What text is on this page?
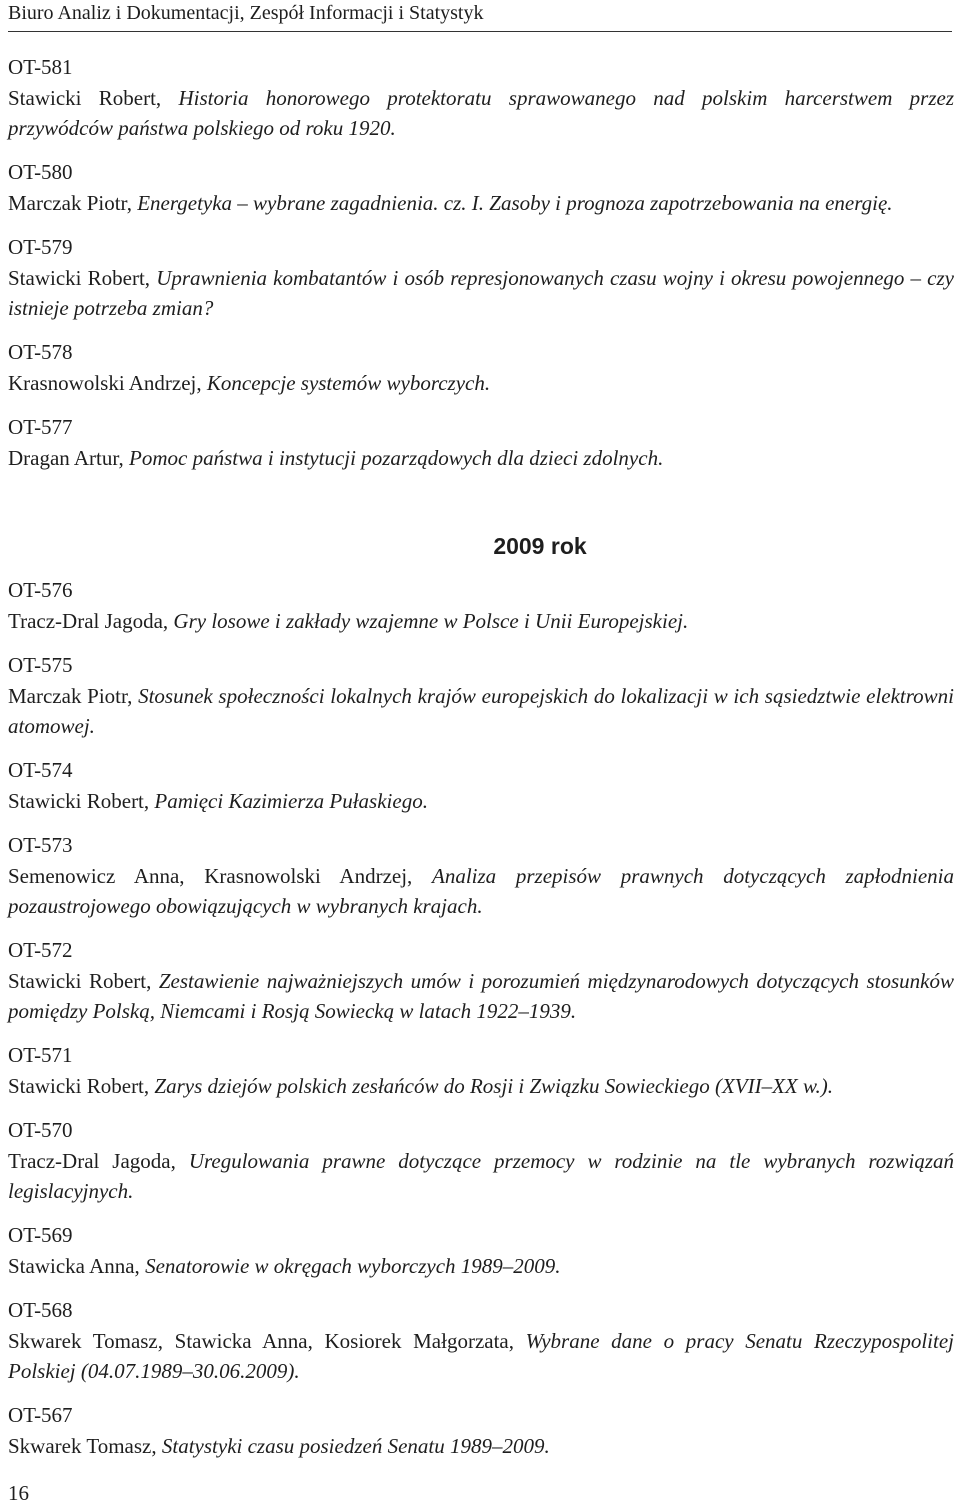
Biuro Analiz i Dokumentacji, Zespół Informacji i Statystyk
OT-581
Stawicki Robert, Historia honorowego protektoratu sprawowanego nad polskim harcerstwem przez przywódców państwa polskiego od roku 1920.
OT-580
Marczak Piotr, Energetyka – wybrane zagadnienia. cz. I. Zasoby i prognoza zapotrzebowania na energię.
OT-579
Stawicki Robert, Uprawnienia kombatantów i osób represjonowanych czasu wojny i okresu powojennego – czy istnieje potrzeba zmian?
OT-578
Krasnowolski Andrzej, Koncepcje systemów wyborczych.
OT-577
Dragan Artur, Pomoc państwa i instytucji pozarządowych dla dzieci zdolnych.
2009 rok
OT-576
Tracz-Dral Jagoda, Gry losowe i zakłady wzajemne w Polsce i Unii Europejskiej.
OT-575
Marczak Piotr, Stosunek społeczności lokalnych krajów europejskich do lokalizacji w ich sąsiedztwie elektrowni atomowej.
OT-574
Stawicki Robert, Pamięci Kazimierza Pułaskiego.
OT-573
Semenowicz Anna, Krasnowolski Andrzej, Analiza przepisów prawnych dotyczących zapłodnienia pozaustrojowego obowiązujących w wybranych krajach.
OT-572
Stawicki Robert, Zestawienie najważniejszych umów i porozumień międzynarodowych dotyczących stosunków pomiędzy Polską, Niemcami i Rosją Sowiecką w latach 1922–1939.
OT-571
Stawicki Robert, Zarys dziejów polskich zesłańców do Rosji i Związku Sowieckiego (XVII–XX w.).
OT-570
Tracz-Dral Jagoda, Uregulowania prawne dotyczące przemocy w rodzinie na tle wybranych rozwiązań legislacyjnych.
OT-569
Stawicka Anna, Senatorowie w okręgach wyborczych 1989–2009.
OT-568
Skwarek Tomasz, Stawicka Anna, Kosiorek Małgorzata, Wybrane dane o pracy Senatu Rzeczypospolitej Polskiej (04.07.1989–30.06.2009).
OT-567
Skwarek Tomasz, Statystyki czasu posiedzeń Senatu 1989–2009.
16
